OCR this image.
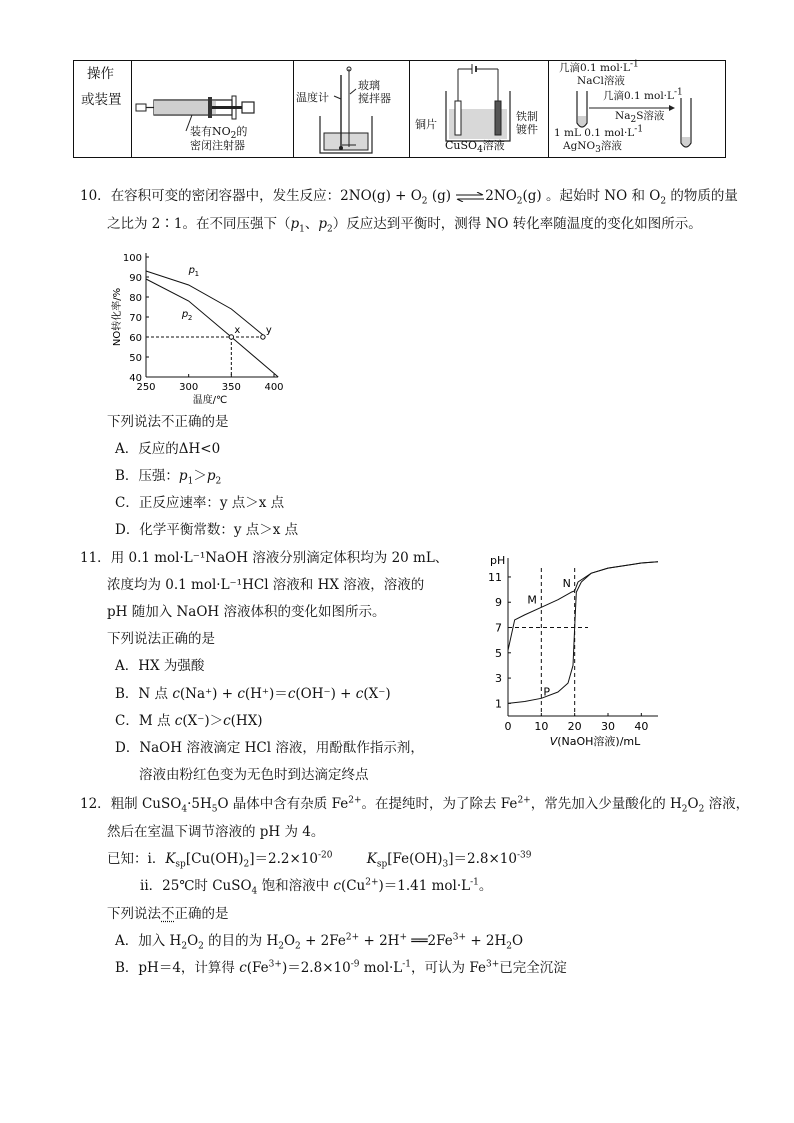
操作
或装置
装有$NO_2$的
密闭注射器
温度计
玻璃
搅拌器
铜片
铁制
镀件
CuSO$_4$溶液
几滴0.1 $mol\cdot L^{-1}$
NaCl溶液
几滴0.1 $mol\cdot L^{-1}$
$Na_2S$溶液
1 mL 0.1 $mol\cdot L^{-1}$
AgNO$_3$溶液
10．在容积可变的密闭容器中，发生反应：$2NO(g) + O_2$ (g) $\rightleftharpoons 2NO_2(g)$ 。起始时 NO 和 $O_2$ 的物质的量
之比为 2∶1。在不同压强下（$p_1$、$p_2$）反应达到平衡时，测得 NO 转化率随温度的变化如图所示。
40
50
60
70
80
90
100
250 300 350 400
温度/℃
NO转化率/%	x	y
p 1
p 2
下列说法不正确的是
A．反应的ΔH<0
B．压强：$p_1>p_2$
C．正反应速率：y 点＞x 点
D．化学平衡常数：y 点＞x 点
11．用 0.1 mol·L⁻¹NaOH 溶液分别滴定体积均为 20 mL、
浓度均为 0.1 mol·L⁻¹HCl 溶液和 HX 溶液，溶液的
pH 随加入 NaOH 溶液体积的变化如图所示。
下列说法正确的是
A．HX 为强酸
B．N 点 c(Na⁺) + c(H⁺)＝c(OH⁻) + c(X⁻)
C．M 点 c(X⁻)＞c(HX)
D．NaOH 溶液滴定 HCl 溶液，用酚酞作指示剂，
溶液由粉红色变为无色时到达滴定终点
pH
1
3
5
7
9
11
0 10 20 30 40
V(NaOH溶液)/mL
M
N
P
12．粗制 $CuSO_4\cdot 5H_5O$ 晶体中含有杂质 $Fe^{2+}$。在提纯时，为了除去 $Fe^{2+}$，常先加入少量酸化的 $H_2O_2$ 溶液，
然后在室温下调节溶液的 pH 为 4。
已知：i．$K_{sp}[Cu(OH)_2]=2.2\times 10^{-20}$	$K_{sp}[Fe(OH)_3]=2.8\times 10^{-39}$
ii．25℃时 CuSO$_4$ 饱和溶液中 $c(Cu^{2+})=1.41$ $mol\cdot L^{-1}$。
下列说法不正确的是
A．加入 $H_2O_2$ 的目的为 $H_2O_2 + 2Fe^{2+} + 2H^+$ $══2Fe^{3+} + 2H_2O$
B．pH＝4，计算得 $c(Fe^{3+})=2.8\times 10^{-9}$ $mol\cdot L^{-1}$，可认为 $Fe^{3+}$已完全沉淀
